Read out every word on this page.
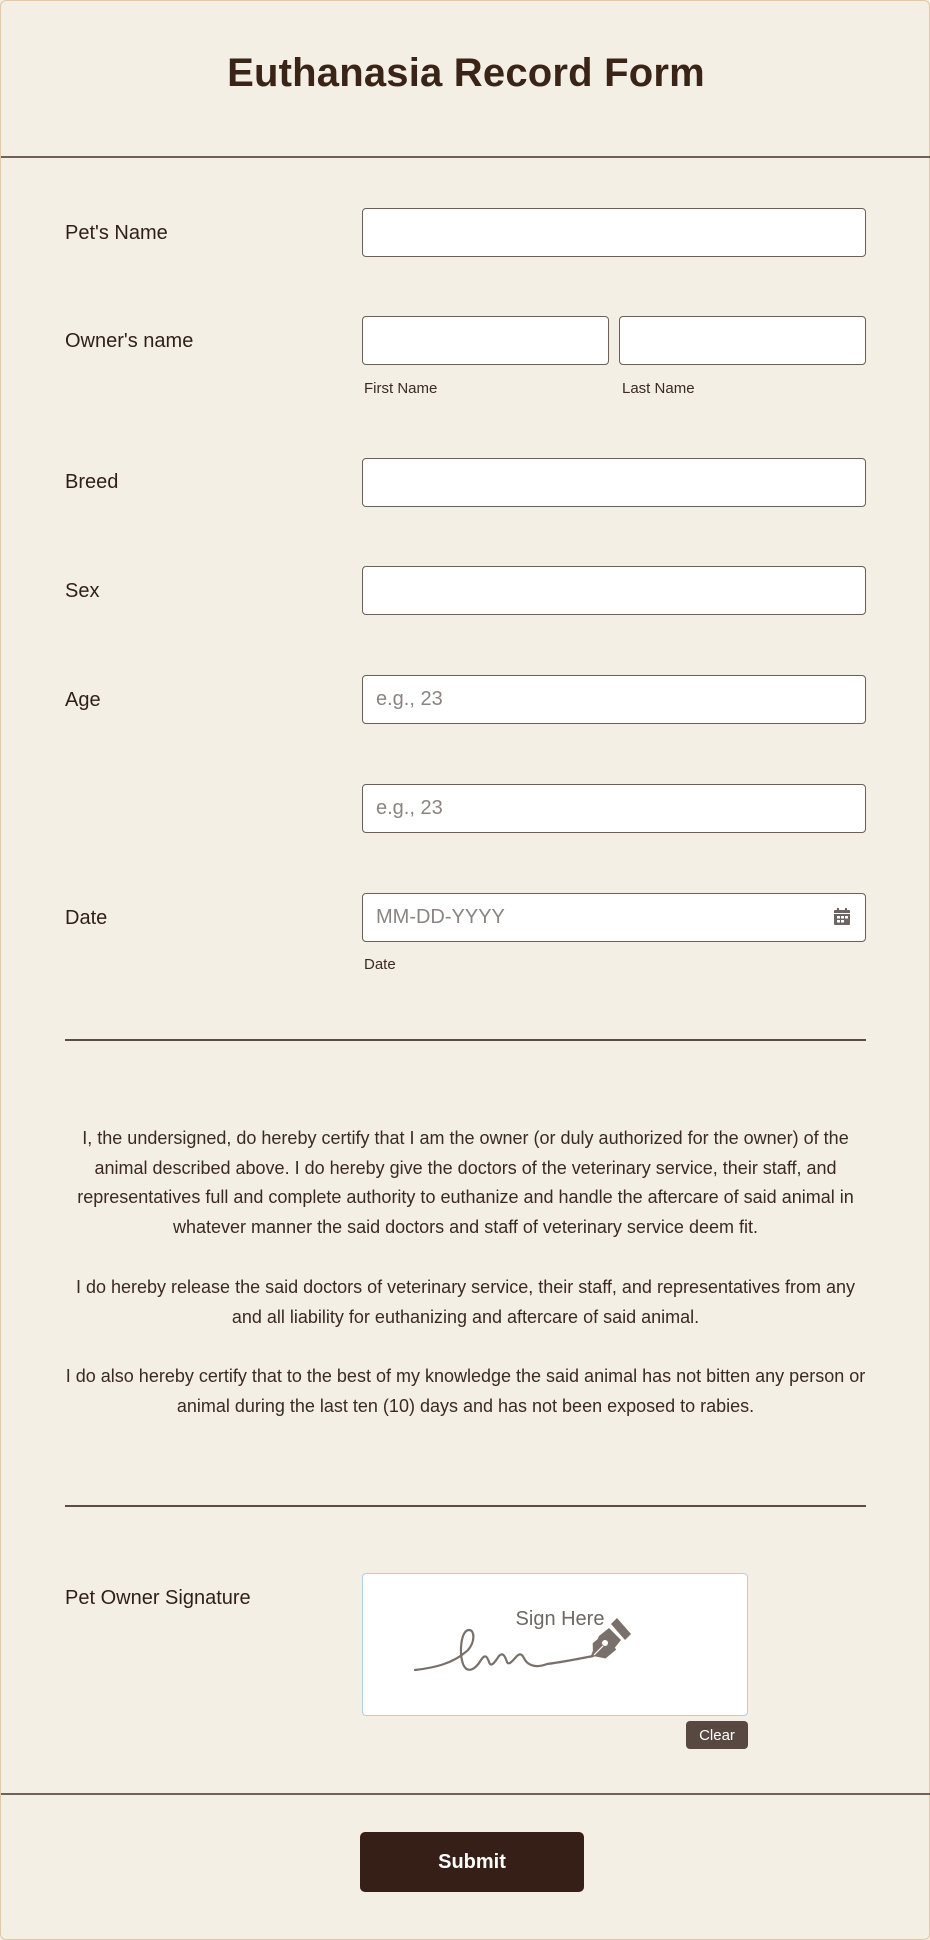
Euthanasia Record Form
Pet's Name
Owner's name
First Name	Last Name
Breed
Sex
Age
e.g., 23
e.g., 23
Date
MM-DD-YYYY
Date

I, the undersigned, do hereby certify that I am the owner (or duly authorized for the owner) of the animal described above. I do hereby give the doctors of the veterinary service, their staff, and representatives full and complete authority to euthanize and handle the aftercare of said animal in whatever manner the said doctors and staff of veterinary service deem fit.

I do hereby release the said doctors of veterinary service, their staff, and representatives from any and all liability for euthanizing and aftercare of said animal.

I do also hereby certify that to the best of my knowledge the said animal has not bitten any person or animal during the last ten (10) days and has not been exposed to rabies.

Pet Owner Signature
Sign Here
Clear
Submit
